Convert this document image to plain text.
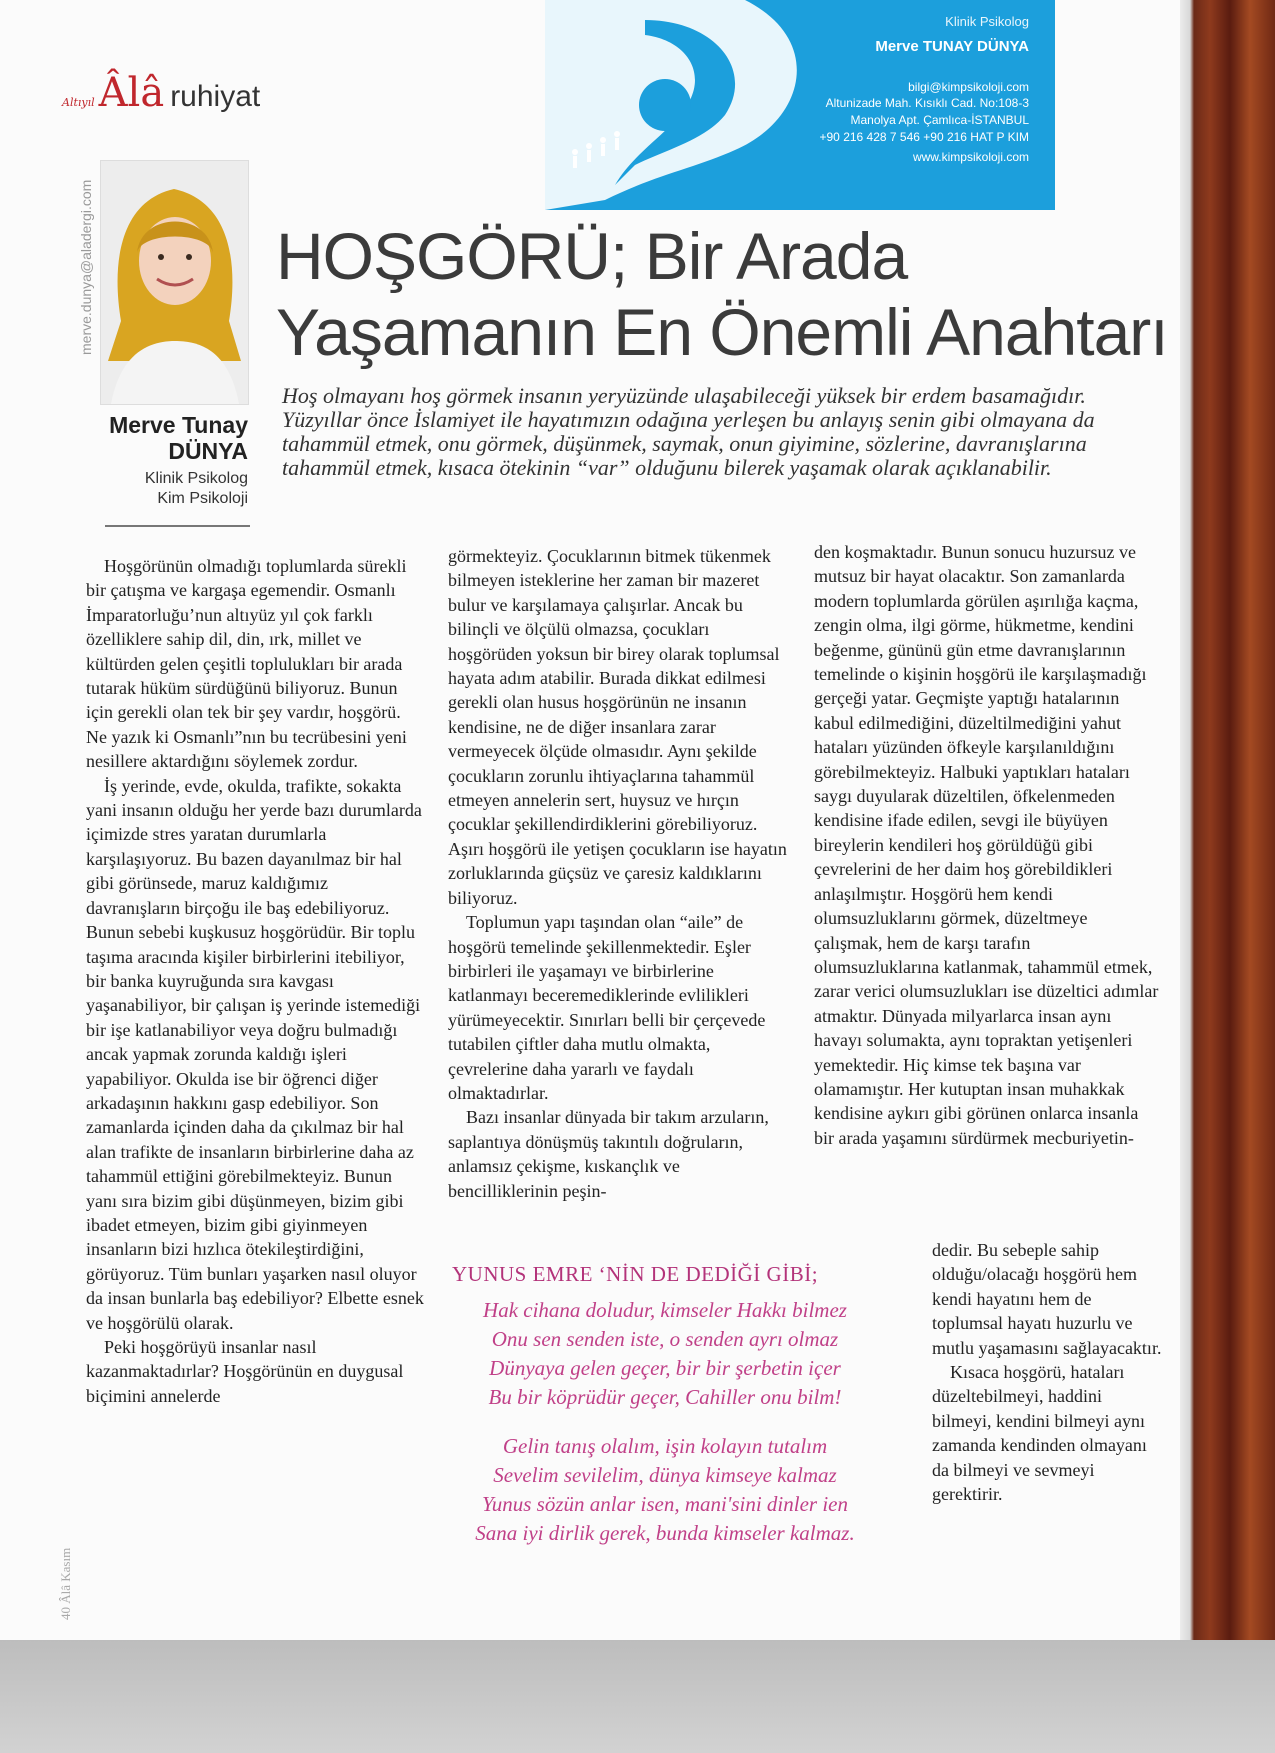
Klinik Psikolog
Merve TUNAY DÜNYA
bilgi@kimpsikoloji.com
Altunizade Mah. Kısıklı Cad. No:108-3
Manolya Apt. Çamlıca-İSTANBUL
+90 216 428 7 546 +90 216 HAT P KIM
www.kimpsikoloji.com
Altıyıl Âlâ ruhiyat
merve.dunya@aladergi.com
40 Âlâ Kasım
Merve Tunay
DÜNYA
Klinik Psikolog
Kim Psikoloji
HOŞGÖRÜ; Bir Arada
Yaşamanın En Önemli Anahtarı

Hoş olmayanı hoş görmek insanın yeryüzünde ulaşabileceği yüksek bir erdem basamağıdır. Yüzyıllar önce İslamiyet ile hayatımızın odağına yerleşen bu anlayış senin gibi olmayana da tahammül etmek, onu görmek, düşünmek, saymak, onun giyimine, sözlerine, davranışlarına tahammül etmek, kısaca ötekinin “var” olduğunu bilerek yaşamak olarak açıklanabilir.

Hoşgörünün olmadığı toplumlarda sürekli bir çatışma ve kargaşa egemendir. Osmanlı İmparatorluğu’nun altıyüz yıl çok farklı özelliklere sahip dil, din, ırk, millet ve kültürden gelen çeşitli toplulukları bir arada tutarak hüküm sürdüğünü biliyoruz. Bunun için gerekli olan tek bir şey vardır, hoşgörü. Ne yazık ki Osmanlı”nın bu tecrübesini yeni nesillere aktardığını söylemek zordur.

İş yerinde, evde, okulda, trafikte, sokakta yani insanın olduğu her yerde bazı durumlarda içimizde stres yaratan durumlarla karşılaşıyoruz. Bu bazen dayanılmaz bir hal gibi görünsede, maruz kaldığımız davranışların birçoğu ile baş edebiliyoruz. Bunun sebebi kuşkusuz hoşgörüdür. Bir toplu taşıma aracında kişiler birbirlerini itebiliyor, bir banka kuyruğunda sıra kavgası yaşanabiliyor, bir çalışan iş yerinde istemediği bir işe katlanabiliyor veya doğru bulmadığı ancak yapmak zorunda kaldığı işleri yapabiliyor. Okulda ise bir öğrenci diğer arkadaşının hakkını gasp edebiliyor. Son zamanlarda içinden daha da çıkılmaz bir hal alan trafikte de insanların birbirlerine daha az tahammül ettiğini görebilmekteyiz. Bunun yanı sıra bizim gibi düşünmeyen, bizim gibi ibadet etmeyen, bizim gibi giyinmeyen insanların bizi hızlıca ötekileştirdiğini, görüyoruz. Tüm bunları yaşarken nasıl oluyor da insan bunlarla baş edebiliyor? Elbette esnek ve hoşgörülü olarak.

Peki hoşgörüyü insanlar nasıl kazanmaktadırlar? Hoşgörünün en duygusal biçimini annelerde

görmekteyiz. Çocuklarının bitmek tükenmek bilmeyen isteklerine her zaman bir mazeret bulur ve karşılamaya çalışırlar. Ancak bu bilinçli ve ölçülü olmazsa, çocukları hoşgörüden yoksun bir birey olarak toplumsal hayata adım atabilir. Burada dikkat edilmesi gerekli olan husus hoşgörünün ne insanın kendisine, ne de diğer insanlara zarar vermeyecek ölçüde olmasıdır. Aynı şekilde çocukların zorunlu ihtiyaçlarına tahammül etmeyen annelerin sert, huysuz ve hırçın çocuklar şekillendirdiklerini görebiliyoruz. Aşırı hoşgörü ile yetişen çocukların ise hayatın zorluklarında güçsüz ve çaresiz kaldıklarını biliyoruz.

Toplumun yapı taşından olan “aile” de hoşgörü temelinde şekillenmektedir. Eşler birbirleri ile yaşamayı ve birbirlerine katlanmayı beceremediklerinde evlilikleri yürümeyecektir. Sınırları belli bir çerçevede tutabilen çiftler daha mutlu olmakta, çevrelerine daha yararlı ve faydalı olmaktadırlar.

Bazı insanlar dünyada bir takım arzuların, saplantıya dönüşmüş takıntılı doğruların, anlamsız çekişme, kıskançlık ve bencilliklerinin peşin-

den koşmaktadır. Bunun sonucu huzursuz ve mutsuz bir hayat olacaktır. Son zamanlarda modern toplumlarda görülen aşırılığa kaçma, zengin olma, ilgi görme, hükmetme, kendini beğenme, gününü gün etme davranışlarının temelinde o kişinin hoşgörü ile karşılaşmadığı gerçeği yatar. Geçmişte yaptığı hatalarının kabul edilmediğini, düzeltilmediğini yahut hataları yüzünden öfkeyle karşılanıldığını görebilmekteyiz. Halbuki yaptıkları hataları saygı duyularak düzeltilen, öfkelenmeden kendisine ifade edilen, sevgi ile büyüyen bireylerin kendileri hoş görüldüğü gibi çevrelerini de her daim hoş görebildikleri anlaşılmıştır. Hoşgörü hem kendi olumsuzluklarını görmek, düzeltmeye çalışmak, hem de karşı tarafın olumsuzluklarına katlanmak, tahammül etmek, zarar verici olumsuzlukları ise düzeltici adımlar atmaktır. Dünyada milyarlarca insan aynı havayı solumakta, aynı topraktan yetişenleri yemektedir. Hiç kimse tek başına var olamamıştır. Her kutuptan insan muhakkak kendisine aykırı gibi görünen onlarca insanla bir arada yaşamını sürdürmek mecburiyetin-

dedir. Bu sebeple sahip olduğu/olacağı hoşgörü hem kendi hayatını hem de toplumsal hayatı huzurlu ve mutlu yaşamasını sağlayacaktır.

Kısaca hoşgörü, hataları düzeltebilmeyi, haddini bilmeyi, kendini bilmeyi aynı zamanda kendinden olmayanı da bilmeyi ve sevmeyi gerektirir.

YUNUS EMRE ‘NİN DE DEDİĞİ GİBİ;
Hak cihana doludur, kimseler Hakkı bilmez
Onu sen senden iste, o senden ayrı olmaz
Dünyaya gelen geçer, bir bir şerbetin içer
Bu bir köprüdür geçer, Cahiller onu bilm!
Gelin tanış olalım, işin kolayın tutalım
Sevelim sevilelim, dünya kimseye kalmaz
Yunus sözün anlar isen, mani'sini dinler ien
Sana iyi dirlik gerek, bunda kimseler kalmaz.
